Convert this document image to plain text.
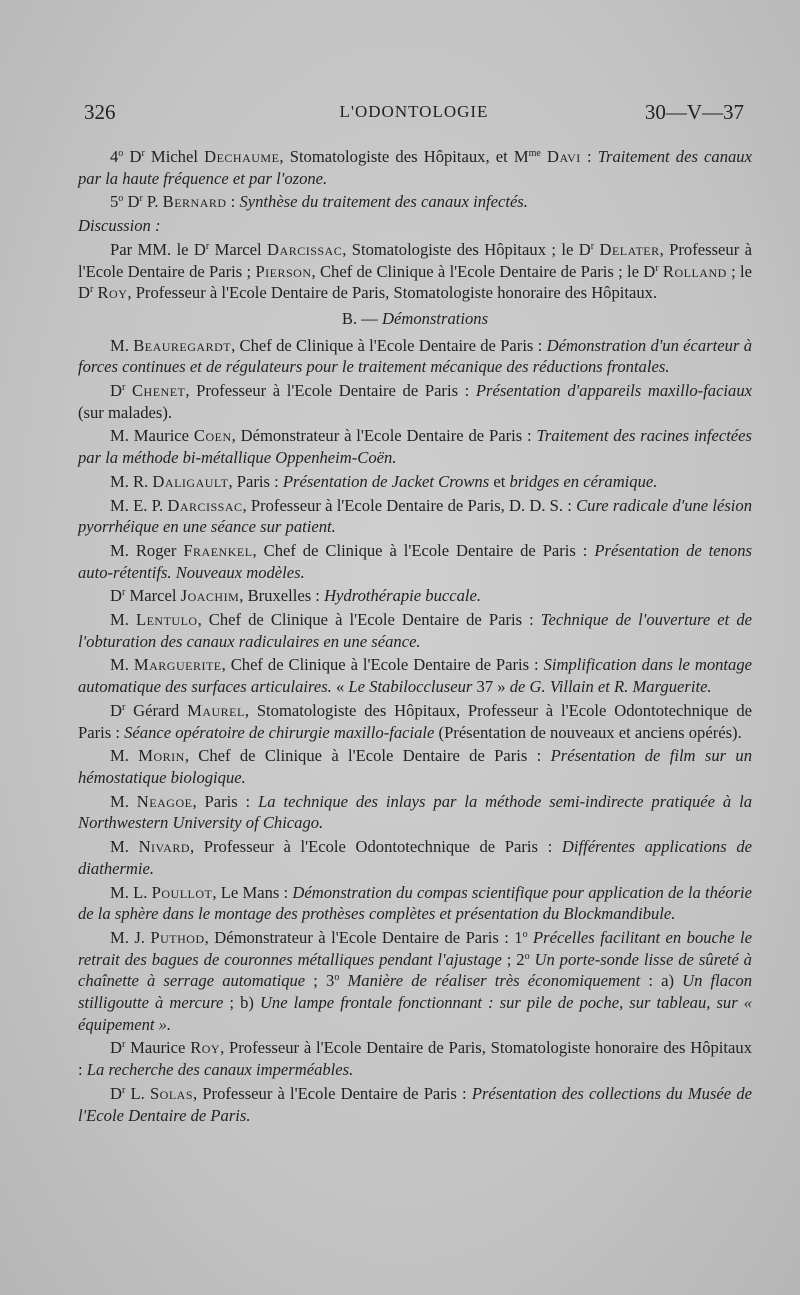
326	L'ODONTOLOGIE	30—V—37

4$^o$ $D^r$ Michel Dechaume, Stomatologiste des Hôpitaux, et $M^{me}$ Davi : Traitement des canaux par la haute fréquence et par l'ozone.

5$^o$ $D^r$ P. Bernard : Synthèse du traitement des canaux infectés.

Discussion :

Par MM. le $D^r$ Marcel Darcissac, Stomatologiste des Hôpitaux ; le $D^r$ Delater, Professeur à l'Ecole Dentaire de Paris ; Pierson, Chef de Clinique à l'Ecole Dentaire de Paris ; le $D^r$ Rolland ; le $D^r$ Roy, Professeur à l'Ecole Dentaire de Paris, Stomatologiste honoraire des Hôpitaux.

B. — Démonstrations

M. Beauregardt, Chef de Clinique à l'Ecole Dentaire de Paris : Démonstration d'un écarteur à forces continues et de régulateurs pour le traitement mécanique des réductions frontales.

$D^r$ Chenet, Professeur à l'Ecole Dentaire de Paris : Présentation d'appareils maxillo-faciaux (sur malades).

M. Maurice Coen, Démonstrateur à l'Ecole Dentaire de Paris : Traitement des racines infectées par la méthode bi-métallique Oppenheim-Coën.

M. R. Daligault, Paris : Présentation de Jacket Crowns et bridges en céramique.

M. E. P. Darcissac, Professeur à l'Ecole Dentaire de Paris, D. D. S. : Cure radicale d'une lésion pyorrhéique en une séance sur patient.

M. Roger Fraenkel, Chef de Clinique à l'Ecole Dentaire de Paris : Présentation de tenons auto-rétentifs. Nouveaux modèles.

$D^r$ Marcel Joachim, Bruxelles : Hydrothérapie buccale.

M. Lentulo, Chef de Clinique à l'Ecole Dentaire de Paris : Technique de l'ouverture et de l'obturation des canaux radiculaires en une séance.

M. Marguerite, Chef de Clinique à l'Ecole Dentaire de Paris : Simplification dans le montage automatique des surfaces articulaires. « Le Stabiloccluseur 37 » de G. Villain et R. Marguerite.

$D^r$ Gérard Maurel, Stomatologiste des Hôpitaux, Professeur à l'Ecole Odontotechnique de Paris : Séance opératoire de chirurgie maxillo-faciale (Présentation de nouveaux et anciens opérés).

M. Morin, Chef de Clinique à l'Ecole Dentaire de Paris : Présentation de film sur un hémostatique biologique.

M. Neagoe, Paris : La technique des inlays par la méthode semi-indirecte pratiquée à la Northwestern University of Chicago.

M. Nivard, Professeur à l'Ecole Odontotechnique de Paris : Différentes applications de diathermie.

M. L. Poullot, Le Mans : Démonstration du compas scientifique pour application de la théorie de la sphère dans le montage des prothèses complètes et présentation du Blockmandibule.

M. J. Puthod, Démonstrateur à l'Ecole Dentaire de Paris : 1$^o$ Précelles facilitant en bouche le retrait des bagues de couronnes métalliques pendant l'ajustage ; 2$^o$ Un porte-sonde lisse de sûreté à chaînette à serrage automatique ; 3$^o$ Manière de réaliser très économiquement : a) Un flacon stilligoutte à mercure ; b) Une lampe frontale fonctionnant : sur pile de poche, sur tableau, sur « équipement ».

$D^r$ Maurice Roy, Professeur à l'Ecole Dentaire de Paris, Stomatologiste honoraire des Hôpitaux : La recherche des canaux imperméables.

$D^r$ L. Solas, Professeur à l'Ecole Dentaire de Paris : Présentation des collections du Musée de l'Ecole Dentaire de Paris.
